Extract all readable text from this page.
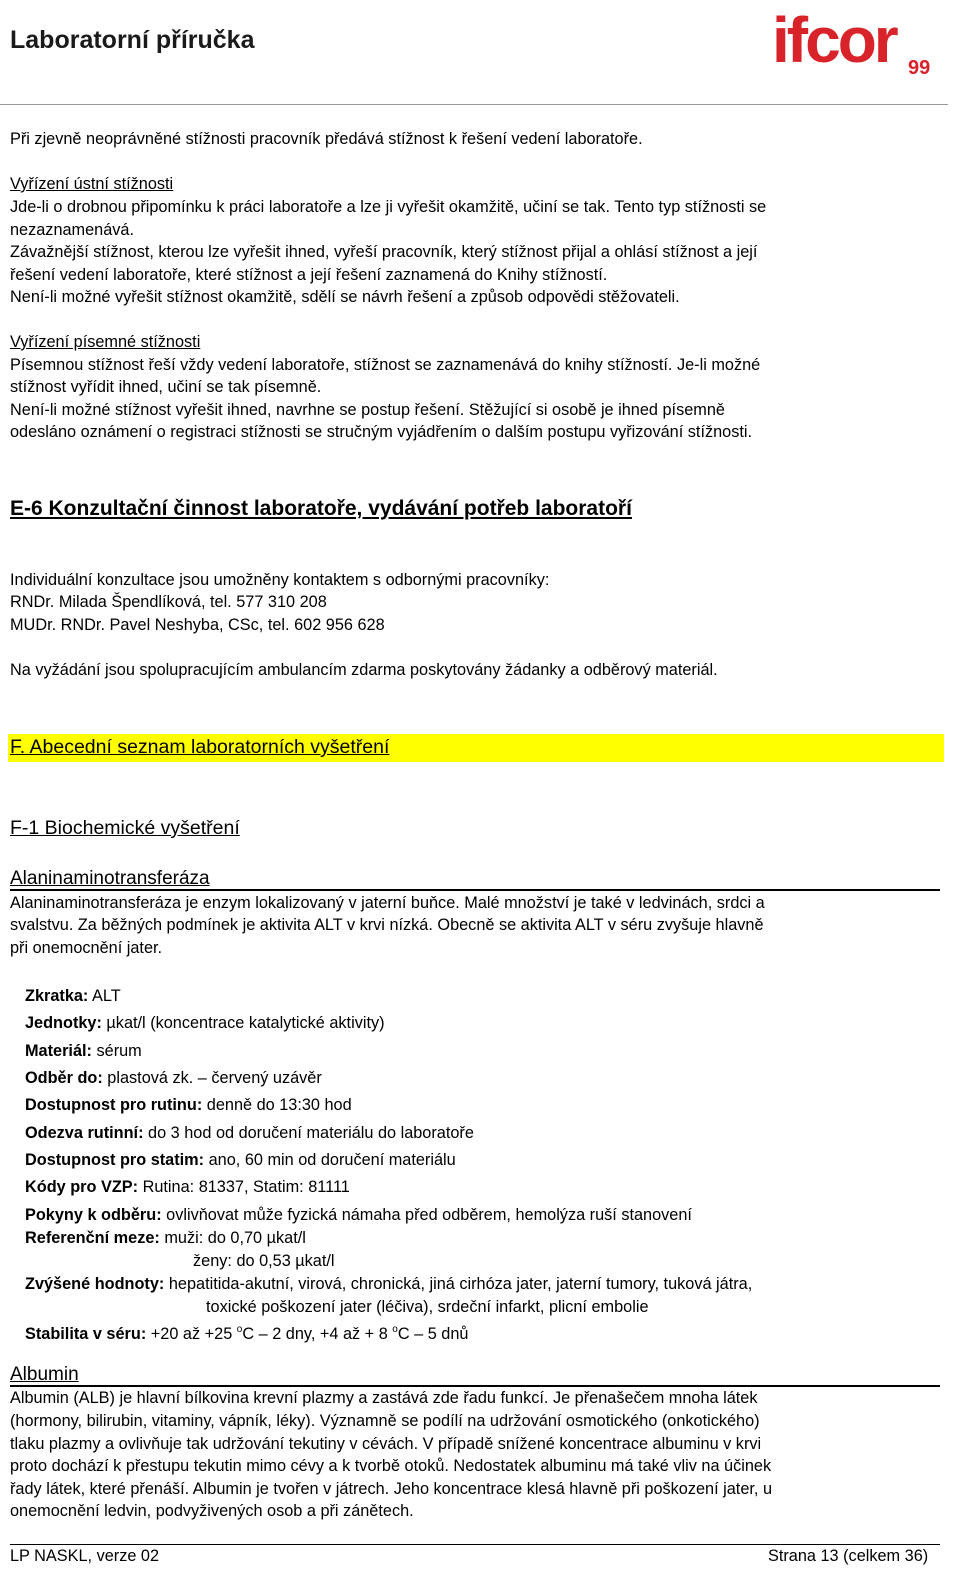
Laboratorní příručka	ifcor 99
Při zjevně neoprávněné stížnosti pracovník předává stížnost k řešení vedení laboratoře.
Vyřízení ústní stížnosti
Jde-li o drobnou připomínku k práci laboratoře a lze ji vyřešit okamžitě, učiní se tak. Tento typ stížnosti se
nezaznamenává.
Závažnější stížnost, kterou lze vyřešit ihned, vyřeší pracovník, který stížnost přijal a ohlásí stížnost a její
řešení vedení laboratoře, které stížnost a její řešení zaznamená do Knihy stížností.
Není-li možné vyřešit stížnost okamžitě, sdělí se návrh řešení a způsob odpovědi stěžovateli.
Vyřízení písemné stížnosti
Písemnou stížnost řeší vždy vedení laboratoře, stížnost se zaznamenává do knihy stížností. Je-li možné
stížnost vyřídit ihned, učiní se tak písemně.
Není-li možné stížnost vyřešit ihned, navrhne se postup řešení. Stěžující si osobě je ihned písemně
odesláno oznámení o registraci stížnosti se stručným vyjádřením o dalším postupu vyřizování stížnosti.
E-6 Konzultační činnost laboratoře, vydávání potřeb laboratoří
Individuální konzultace jsou umožněny kontaktem s odbornými pracovníky:
RNDr. Milada Špendlíková, tel. 577 310 208
MUDr. RNDr. Pavel Neshyba, CSc, tel. 602 956 628
Na vyžádání jsou spolupracujícím ambulancím zdarma poskytovány žádanky a odběrový materiál.
F. Abecední seznam laboratorních vyšetření
F-1 Biochemické vyšetření
Alaninaminotransferáza
Alaninaminotransferáza je enzym lokalizovaný v jaterní buňce. Malé množství je také v ledvinách, srdci a
svalstvu. Za běžných podmínek je aktivita ALT v krvi nízká. Obecně se aktivita ALT v séru zvyšuje hlavně
při onemocnění jater.
Zkratka: ALT
Jednotky: µkat/l (koncentrace katalytické aktivity)
Materiál: sérum
Odběr do: plastová zk. – červený uzávěr
Dostupnost pro rutinu: denně do 13:30 hod
Odezva rutinní: do 3 hod od doručení materiálu do laboratoře
Dostupnost pro statim: ano, 60 min od doručení materiálu
Kódy pro VZP: Rutina: 81337, Statim: 81111
Pokyny k odběru: ovlivňovat může fyzická námaha před odběrem, hemolýza ruší stanovení
Referenční meze: muži: do 0,70 µkat/l
ženy: do 0,53 µkat/l
Zvýšené hodnoty: hepatitida-akutní, virová, chronická, jiná cirhóza jater, jaterní tumory, tuková játra,
toxické poškození jater (léčiva), srdeční infarkt, plicní embolie
Stabilita v séru: +20 až +25 $^o$C – 2 dny, +4 až + 8 $^o$C – 5 dnů
Albumin
Albumin (ALB) je hlavní bílkovina krevní plazmy a zastává zde řadu funkcí. Je přenašečem mnoha látek
(hormony, bilirubin, vitaminy, vápník, léky). Významně se podílí na udržování osmotického (onkotického)
tlaku plazmy a ovlivňuje tak udržování tekutiny v cévách. V případě snížené koncentrace albuminu v krvi
proto dochází k přestupu tekutin mimo cévy a k tvorbě otoků. Nedostatek albuminu má také vliv na účinek
řady látek, které přenáší. Albumin je tvořen v játrech. Jeho koncentrace klesá hlavně při poškození jater, u
onemocnění ledvin, podvyživených osob a při zánětech.
LP NASKL, verze 02	Strana 13 (celkem 36)
